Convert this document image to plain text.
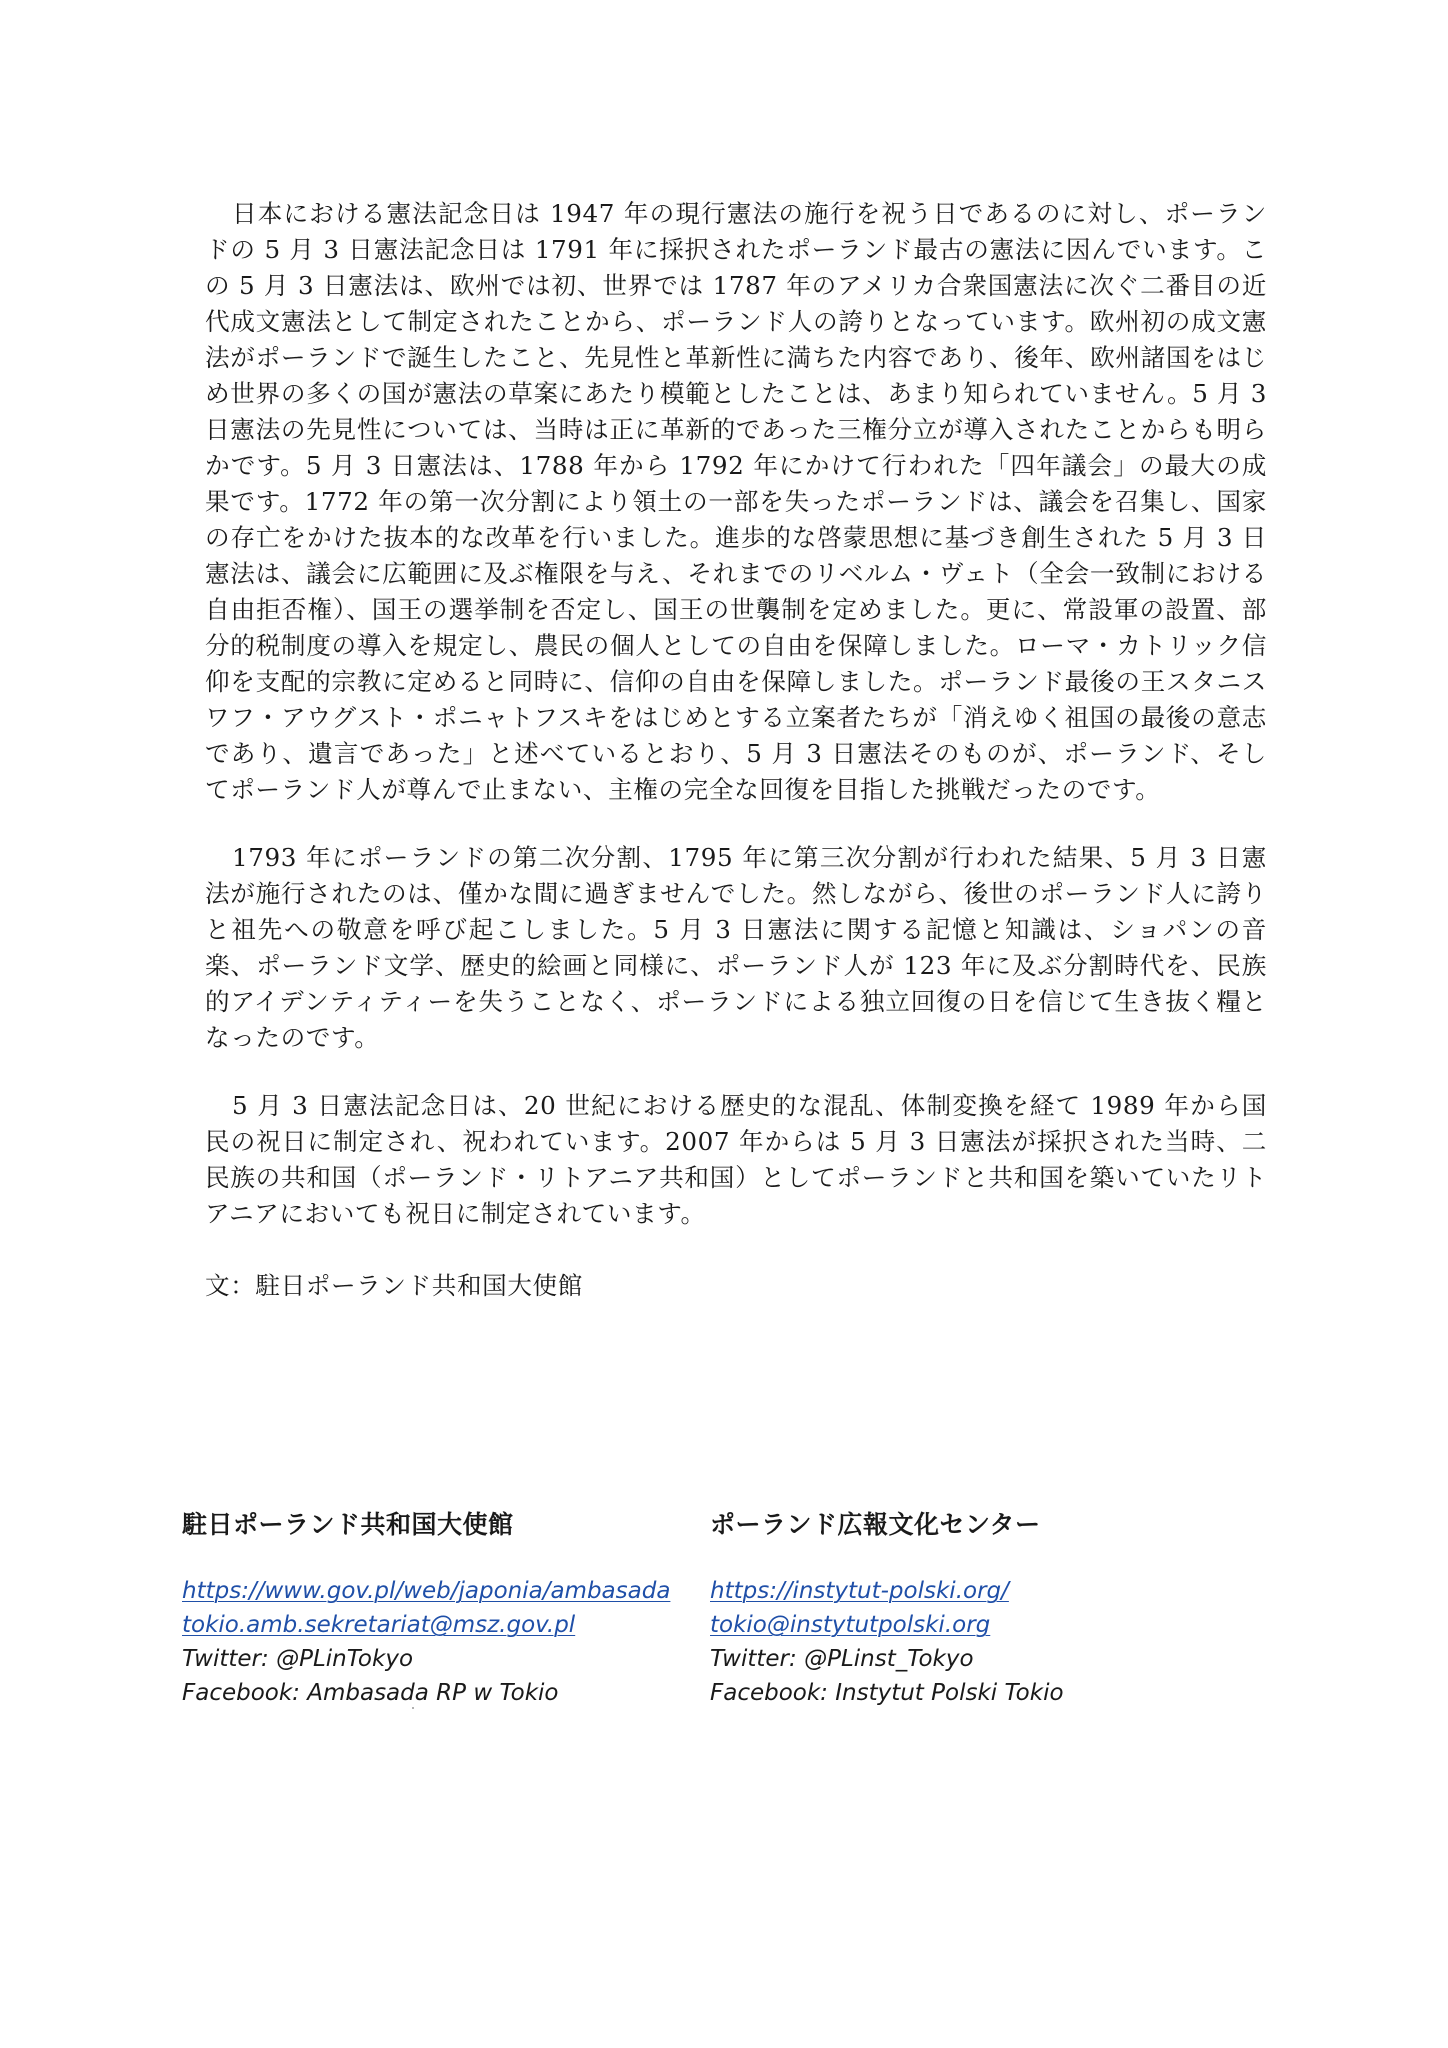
日本における憲法記念日は 1947 年の現行憲法の施行を祝う日であるのに対し、ポーランドの 5 月 3 日憲法記念日は 1791 年に採択されたポーランド最古の憲法に因んでいます。この 5 月 3 日憲法は、欧州では初、世界では 1787 年のアメリカ合衆国憲法に次ぐ二番目の近代成文憲法として制定されたことから、ポーランド人の誇りとなっています。欧州初の成文憲法がポーランドで誕生したこと、先見性と革新性に満ちた内容であり、後年、欧州諸国をはじめ世界の多くの国が憲法の草案にあたり模範としたことは、あまり知られていません。5 月 3 日憲法の先見性については、当時は正に革新的であった三権分立が導入されたことからも明らかです。5 月 3 日憲法は、1788 年から 1792 年にかけて行われた「四年議会」の最大の成果です。1772 年の第一次分割により領土の一部を失ったポーランドは、議会を召集し、国家の存亡をかけた抜本的な改革を行いました。進歩的な啓蒙思想に基づき創生された 5 月 3 日憲法は、議会に広範囲に及ぶ権限を与え、それまでのリベルム・ヴェト（全会一致制における自由拒否権）、国王の選挙制を否定し、国王の世襲制を定めました。更に、常設軍の設置、部分的税制度の導入を規定し、農民の個人としての自由を保障しました。ローマ・カトリック信仰を支配的宗教に定めると同時に、信仰の自由を保障しました。ポーランド最後の王スタニスワフ・アウグスト・ポニャトフスキをはじめとする立案者たちが「消えゆく祖国の最後の意志であり、遺言であった」と述べているとおり、5 月 3 日憲法そのものが、ポーランド、そしてポーランド人が尊んで止まない、主権の完全な回復を目指した挑戦だったのです。

1793 年にポーランドの第二次分割、1795 年に第三次分割が行われた結果、5 月 3 日憲法が施行されたのは、僅かな間に過ぎませんでした。然しながら、後世のポーランド人に誇りと祖先への敬意を呼び起こしました。5 月 3 日憲法に関する記憶と知識は、ショパンの音楽、ポーランド文学、歴史的絵画と同様に、ポーランド人が 123 年に及ぶ分割時代を、民族的アイデンティティーを失うことなく、ポーランドによる独立回復の日を信じて生き抜く糧となったのです。

5 月 3 日憲法記念日は、20 世紀における歴史的な混乱、体制変換を経て 1989 年から国民の祝日に制定され、祝われています。2007 年からは 5 月 3 日憲法が採択された当時、二民族の共和国（ポーランド・リトアニア共和国）としてポーランドと共和国を築いていたリトアニアにおいても祝日に制定されています。

文：駐日ポーランド共和国大使館

駐日ポーランド共和国大使館
https://www.gov.pl/web/japonia/ambasada
tokio.amb.sekretariat@msz.gov.pl
Twitter: @PLinTokyo
Facebook: Ambasada RP w Tokio
ポーランド広報文化センター
https://instytut-polski.org/
tokio@instytutpolski.org
Twitter: @PLinst_Tokyo
Facebook: Instytut Polski Tokio
